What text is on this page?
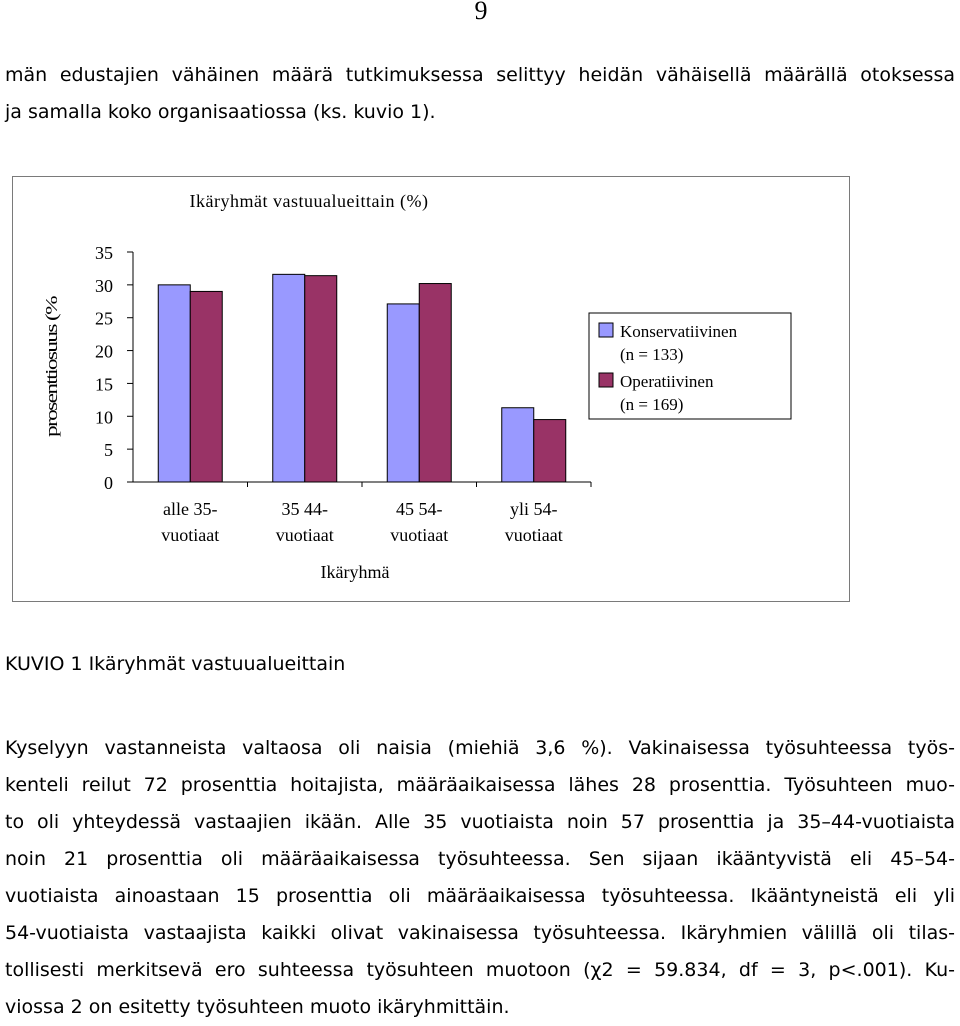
9

män edustajien vähäinen määrä tutkimuksessa selittyy heidän vähäisellä määrällä otoksessa
ja samalla koko organisaatiossa (ks. kuvio 1).

Ikäryhmät vastuualueittain (%)
0
5
10
15
20
25
30
35
alle 35-
vuotiaat
35 44-
vuotiaat
45 54-
vuotiaat
yli 54-
vuotiaat
Ikäryhmä
prosenttiosuus (%
Konservatiivinen
(n = 133)
Operatiivinen
(n = 169)
KUVIO 1 Ikäryhmät vastuualueittain

Kyselyyn vastanneista valtaosa oli naisia (miehiä 3,6 %). Vakinaisessa työsuhteessa työs-
kenteli reilut 72 prosenttia hoitajista, määräaikaisessa lähes 28 prosenttia. Työsuhteen muo-
to oli yhteydessä vastaajien ikään. Alle 35 vuotiaista noin 57 prosenttia ja 35–44-vuotiaista
noin 21 prosenttia oli määräaikaisessa työsuhteessa. Sen sijaan ikääntyvistä eli 45–54-
vuotiaista ainoastaan 15 prosenttia oli määräaikaisessa työsuhteessa. Ikääntyneistä eli yli
54-vuotiaista vastaajista kaikki olivat vakinaisessa työsuhteessa. Ikäryhmien välillä oli tilas-
tollisesti merkitsevä ero suhteessa työsuhteen muotoon (χ2 = 59.834, df = 3, p<.001). Ku-
viossa 2 on esitetty työsuhteen muoto ikäryhmittäin.
